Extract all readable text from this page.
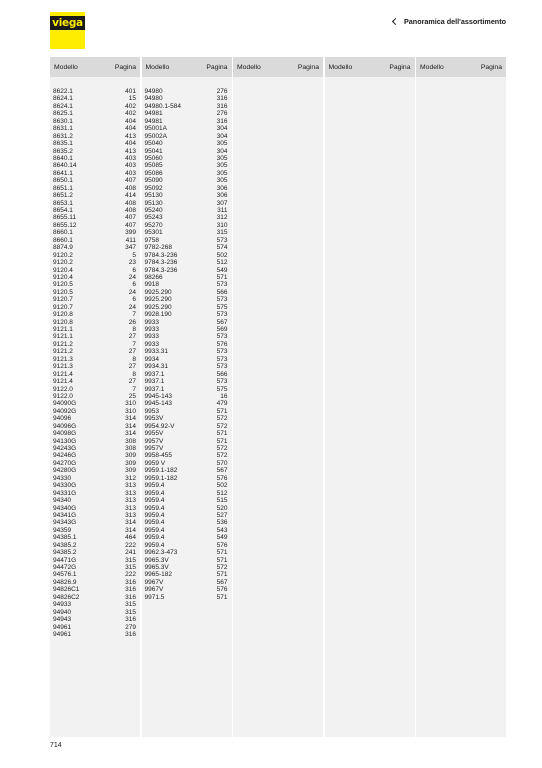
viega	Panoramica dell'assortimento
Modello	Pagina
8622.1	401
8624.1	15
8624.1	402
8625.1	402
8630.1	404
8631.1	404
8631.2	413
8635.1	404
8635.2	413
8640.1	403
8640.14	403
8641.1	403
8650.1	407
8651.1	408
8651.2	414
8653.1	408
8654.1	408
8655.11	407
8655.12	407
8660.1	399
8660.1	411
8874.9	347
9120.2	5
9120.2	23
9120.4	6
9120.4	24
9120.5	6
9120.5	24
9120.7	6
9120.7	24
9120.8	7
9120.8	26
9121.1	8
9121.1	27
9121.2	7
9121.2	27
9121.3	8
9121.3	27
9121.4	8
9121.4	27
9122.0	7
9122.0	25
94090G	310
94092G	310
94096	314
94096G	314
94098G	314
94130G	308
94243G	308
94246G	309
94270G	309
94280G	309
94330	312
94330G	313
94331G	313
94340	313
94340G	313
94341G	313
94343G	314
94359	314
94385.1	464
94385.2	222
94385.2	241
94471G	315
94472G	315
94576.1	222
94826.9	316
94826C1	316
94826C2	316
94933	315
94940	315
94943	316
94961	279
94961	316
Modello	Pagina
94980	276
94980	316
94980.1-584	316
94981	276
94981	316
95001A	304
95002A	304
95040	305
95041	304
95060	305
95085	305
95086	305
95090	305
95092	306
95130	306
95130	307
95240	311
95243	312
95270	310
95301	315
9758	573
9782-268	574
9784.3-236	502
9784.3-236	512
9784.3-236	549
98266	571
9918	573
9925.290	566
9925.290	573
9925.290	575
9928.190	573
9933	567
9933	569
9933	573
9933	576
9933.31	573
9934	573
9934.31	573
9937.1	566
9937.1	573
9937.1	575
9945-143	16
9945-143	479
9953	571
9953V	572
9954.92-V	572
9955V	571
9957V	571
9957V	572
9958-455	572
9959 V	570
9959.1-182	567
9959.1-182	576
9959.4	502
9959.4	512
9959.4	515
9959.4	520
9959.4	527
9959.4	536
9959.4	543
9959.4	549
9959.4	576
9962.3-473	571
9965.3V	571
9965.3V	572
9965-182	571
9967V	567
9967V	576
9971.5	571
Modello	Pagina Modello	Pagina Modello	Pagina
714
